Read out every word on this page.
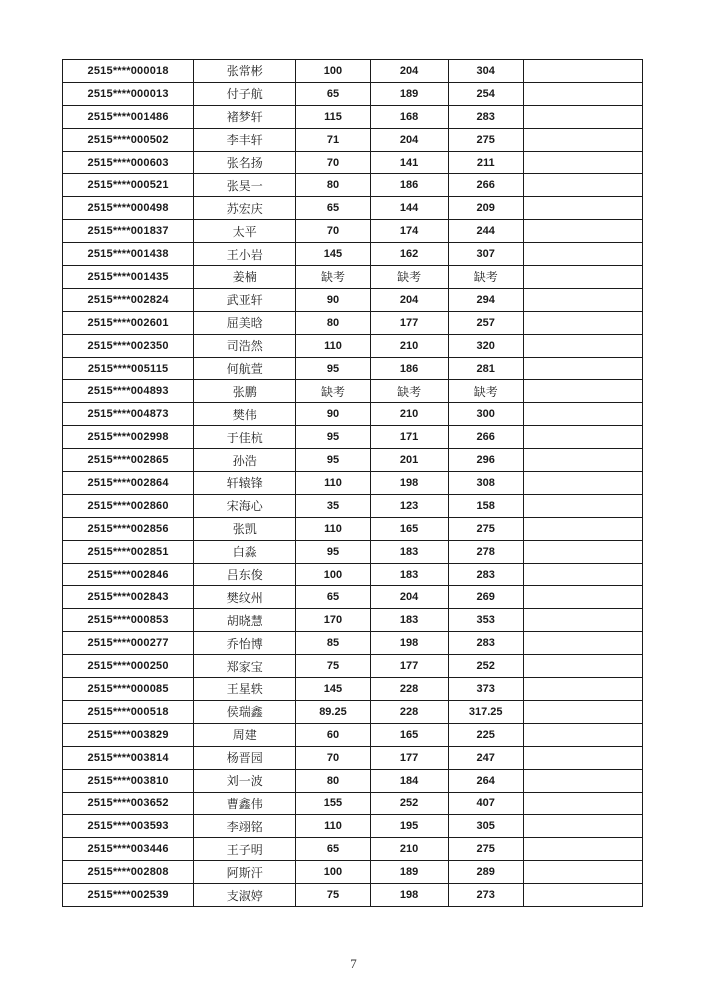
2515****000018	张常彬	100	204	304	
2515****000013	付子航	65	189	254	
2515****001486	褚梦轩	115	168	283	
2515****000502	李丰轩	71	204	275	
2515****000603	张名扬	70	141	211	
2515****000521	张昊一	80	186	266	
2515****000498	苏宏庆	65	144	209	
2515****001837	太平	70	174	244	
2515****001438	王小岩	145	162	307	
2515****001435	姜楠	缺考	缺考	缺考	
2515****002824	武亚轩	90	204	294	
2515****002601	屈美晗	80	177	257	
2515****002350	司浩然	110	210	320	
2515****005115	何航萱	95	186	281	
2515****004893	张鹏	缺考	缺考	缺考	
2515****004873	樊伟	90	210	300	
2515****002998	于佳杭	95	171	266	
2515****002865	孙浩	95	201	296	
2515****002864	轩辕锋	110	198	308	
2515****002860	宋海心	35	123	158	
2515****002856	张凯	110	165	275	
2515****002851	白淼	95	183	278	
2515****002846	吕东俊	100	183	283	
2515****002843	樊纹州	65	204	269	
2515****000853	胡晓慧	170	183	353	
2515****000277	乔怡博	85	198	283	
2515****000250	郑家宝	75	177	252	
2515****000085	王星轶	145	228	373	
2515****000518	侯瑞鑫	89.25	228	317.25	
2515****003829	周建	60	165	225	
2515****003814	杨晋园	70	177	247	
2515****003810	刘一波	80	184	264	
2515****003652	曹鑫伟	155	252	407	
2515****003593	李翊铭	110	195	305	
2515****003446	王子明	65	210	275	
2515****002808	阿斯汗	100	189	289	
2515****002539	支淑婷	75	198	273	
7
